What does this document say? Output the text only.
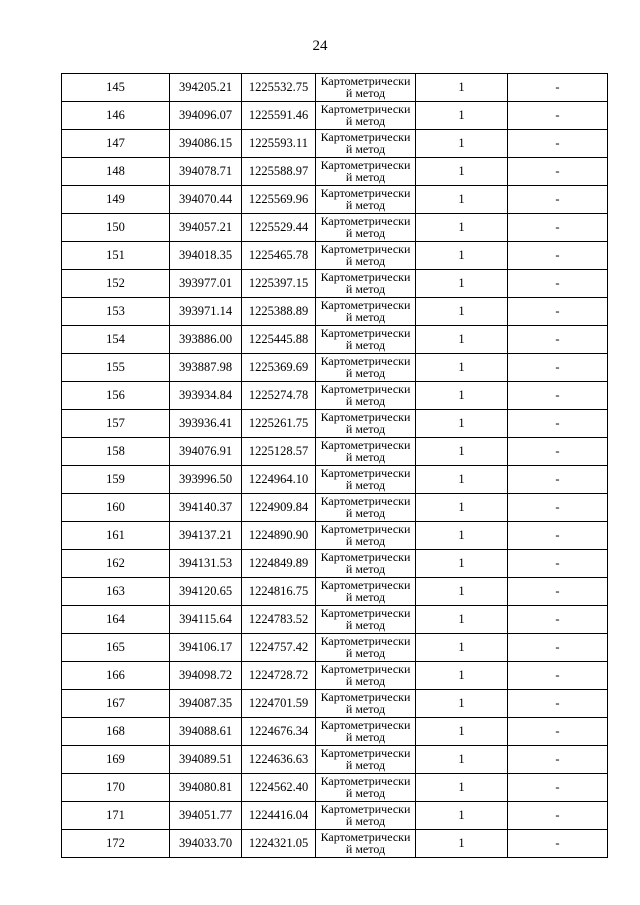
24
145	394205.21	1225532.75	Картометрически й метод	1	-
146	394096.07	1225591.46	Картометрически й метод	1	-
147	394086.15	1225593.11	Картометрически й метод	1	-
148	394078.71	1225588.97	Картометрически й метод	1	-
149	394070.44	1225569.96	Картометрически й метод	1	-
150	394057.21	1225529.44	Картометрически й метод	1	-
151	394018.35	1225465.78	Картометрически й метод	1	-
152	393977.01	1225397.15	Картометрически й метод	1	-
153	393971.14	1225388.89	Картометрически й метод	1	-
154	393886.00	1225445.88	Картометрически й метод	1	-
155	393887.98	1225369.69	Картометрически й метод	1	-
156	393934.84	1225274.78	Картометрически й метод	1	-
157	393936.41	1225261.75	Картометрически й метод	1	-
158	394076.91	1225128.57	Картометрически й метод	1	-
159	393996.50	1224964.10	Картометрически й метод	1	-
160	394140.37	1224909.84	Картометрически й метод	1	-
161	394137.21	1224890.90	Картометрически й метод	1	-
162	394131.53	1224849.89	Картометрически й метод	1	-
163	394120.65	1224816.75	Картометрически й метод	1	-
164	394115.64	1224783.52	Картометрически й метод	1	-
165	394106.17	1224757.42	Картометрически й метод	1	-
166	394098.72	1224728.72	Картометрически й метод	1	-
167	394087.35	1224701.59	Картометрически й метод	1	-
168	394088.61	1224676.34	Картометрически й метод	1	-
169	394089.51	1224636.63	Картометрически й метод	1	-
170	394080.81	1224562.40	Картометрически й метод	1	-
171	394051.77	1224416.04	Картометрически й метод	1	-
172	394033.70	1224321.05	Картометрически й метод	1	-
